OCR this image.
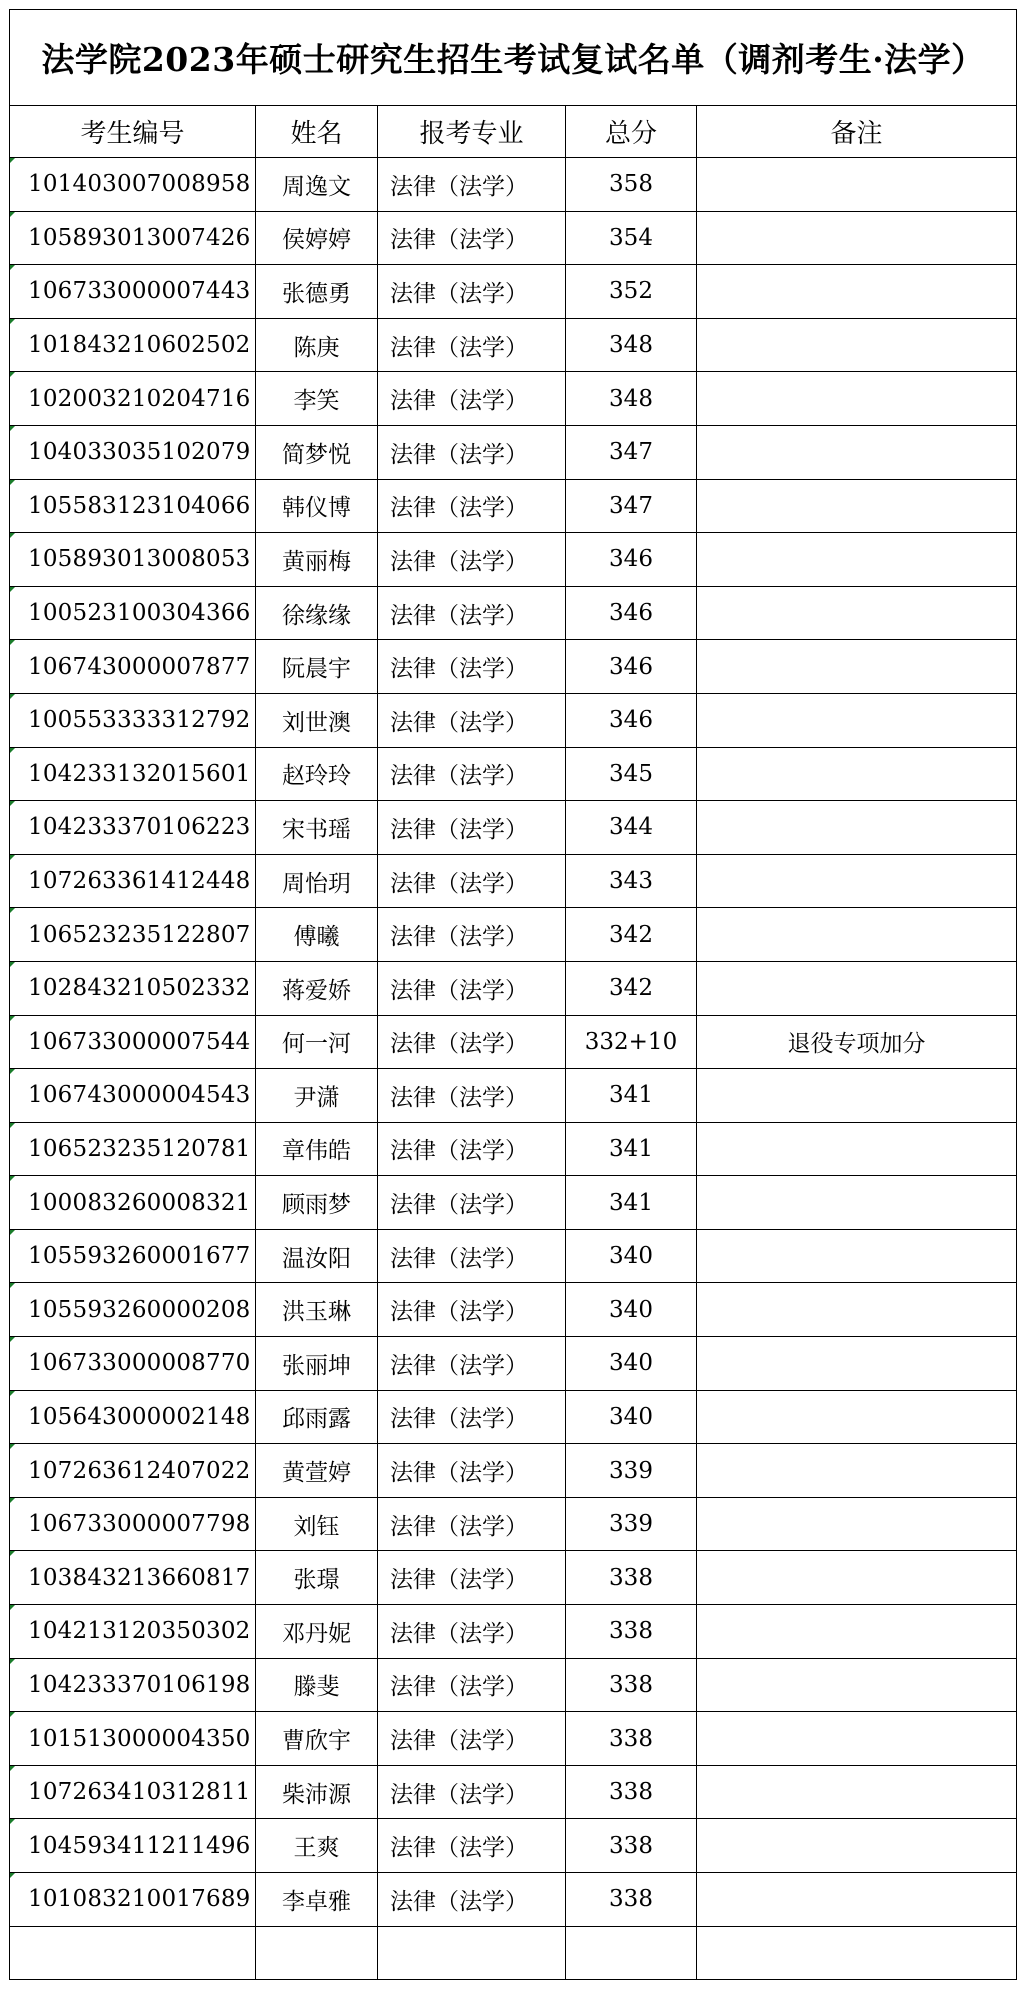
法学院2023年硕士研究生招生考试复试名单（调剂考生·法学）				
考生编号	姓名	报考专业	总分	备注
101403007008958	周逸文	法律（法学）	358	
105893013007426	侯婷婷	法律（法学）	354	
106733000007443	张德勇	法律（法学）	352	
101843210602502	陈庚	法律（法学）	348	
102003210204716	李笑	法律（法学）	348	
104033035102079	简梦悦	法律（法学）	347	
105583123104066	韩仪博	法律（法学）	347	
105893013008053	黄丽梅	法律（法学）	346	
100523100304366	徐缘缘	法律（法学）	346	
106743000007877	阮晨宇	法律（法学）	346	
100553333312792	刘世澳	法律（法学）	346	
104233132015601	赵玲玲	法律（法学）	345	
104233370106223	宋书瑶	法律（法学）	344	
107263361412448	周怡玥	法律（法学）	343	
106523235122807	傅曦	法律（法学）	342	
102843210502332	蒋爱娇	法律（法学）	342	
106733000007544	何一河	法律（法学）	332+10	退役专项加分
106743000004543	尹潇	法律（法学）	341	
106523235120781	章伟皓	法律（法学）	341	
100083260008321	顾雨梦	法律（法学）	341	
105593260001677	温汝阳	法律（法学）	340	
105593260000208	洪玉琳	法律（法学）	340	
106733000008770	张丽坤	法律（法学）	340	
105643000002148	邱雨露	法律（法学）	340	
107263612407022	黄萱婷	法律（法学）	339	
106733000007798	刘钰	法律（法学）	339	
103843213660817	张璟	法律（法学）	338	
104213120350302	邓丹妮	法律（法学）	338	
104233370106198	滕斐	法律（法学）	338	
101513000004350	曹欣宇	法律（法学）	338	
107263410312811	柴沛源	法律（法学）	338	
104593411211496	王爽	法律（法学）	338	
101083210017689	李卓雅	法律（法学）	338	
